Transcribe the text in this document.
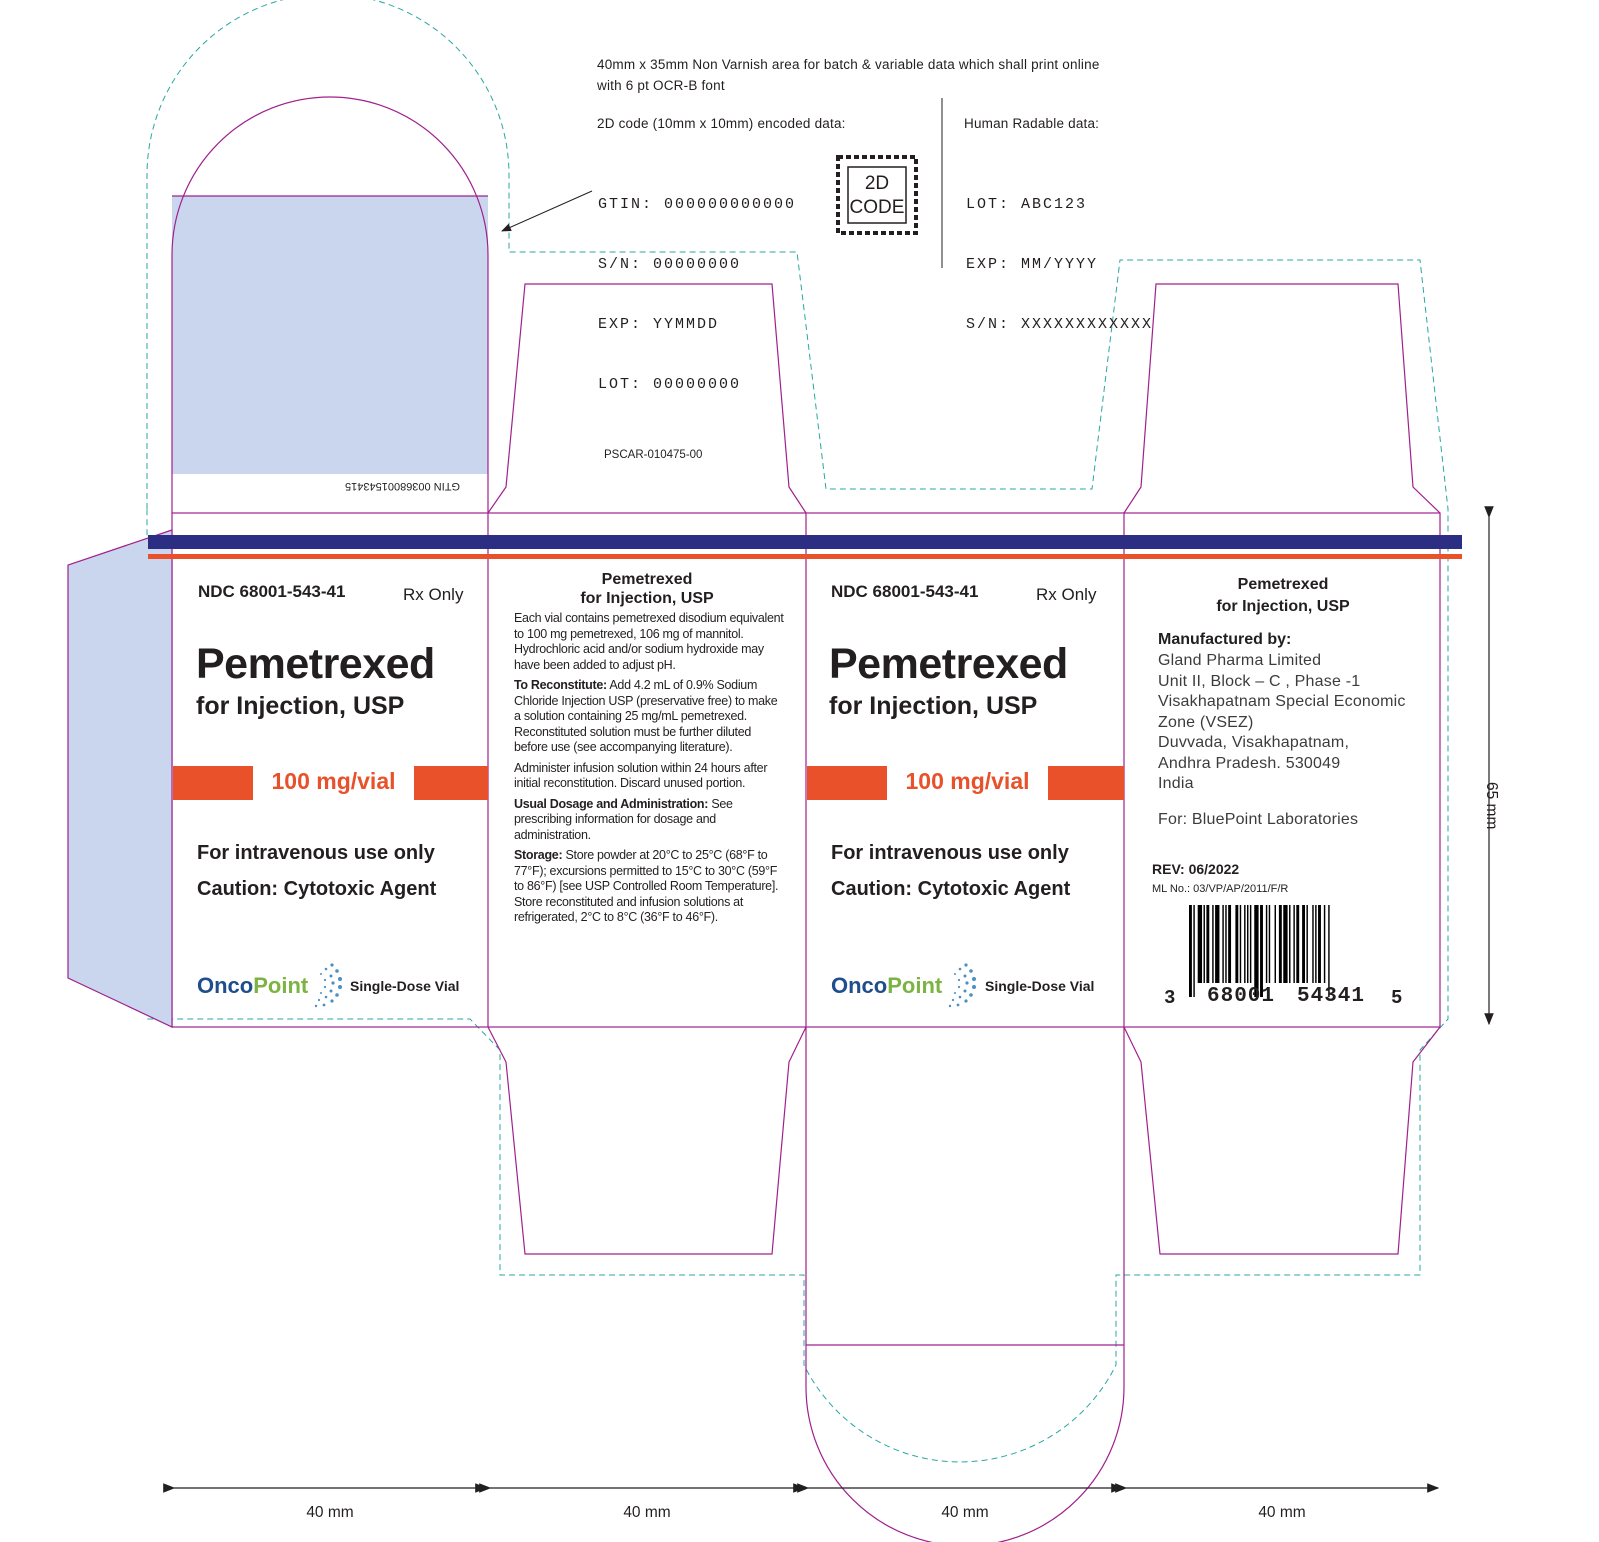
40mm x 35mm Non Varnish area for batch & variable data which shall print online
with 6 pt OCR-B font
2D code (10mm x 10mm) encoded data:

GTIN: 000000000000

S/N: 00000000

EXP: YYMMDD

LOT: 00000000

2D
CODE
Human Radable data:

LOT: ABC123

EXP: MM/YYYY

S/N: XXXXXXXXXXXX

GTIN 00368001543415
PSCAR-010475-00
NDC 68001-543-41	Rx Only
Pemetrexed
for Injection, USP
100 mg/vial
For intravenous use only
Caution: Cytotoxic Agent
OncoPoint	Single-Dose Vial
Pemetrexed
for Injection, USP

Each vial contains pemetrexed disodium equivalent to 100 mg pemetrexed, 106 mg of mannitol. Hydrochloric acid and/or sodium hydroxide may have been added to adjust pH.

To Reconstitute: Add 4.2 mL of 0.9% Sodium Chloride Injection USP (preservative free) to make a solution containing 25 mg/mL pemetrexed. Reconstituted solution must be further diluted before use (see accompanying literature).

Administer infusion solution within 24 hours after initial reconstitution. Discard unused portion.

Usual Dosage and Administration: See prescribing information for dosage and administration.

Storage: Store powder at 20°C to 25°C (68°F to 77°F); excursions permitted to 15°C to 30°C (59°F to 86°F) [see USP Controlled Room Temperature]. Store reconstituted and infusion solutions at refrigerated, 2°C to 8°C (36°F to 46°F).

NDC 68001-543-41	Rx Only
Pemetrexed
for Injection, USP
100 mg/vial
For intravenous use only
Caution: Cytotoxic Agent
OncoPoint	Single-Dose Vial
Pemetrexed
for Injection, USP
Manufactured by:
Gland Pharma Limited
Unit II, Block – C , Phase -1
Visakhapatnam Special Economic
Zone (VSEZ)
Duvvada, Visakhapatnam,
Andhra Pradesh. 530049
India
For: BluePoint Laboratories
REV: 06/2022
ML No.: 03/VP/AP/2011/F/R
3 68001 54341 5
65 mm
40 mm	40 mm	40 mm	40 mm
